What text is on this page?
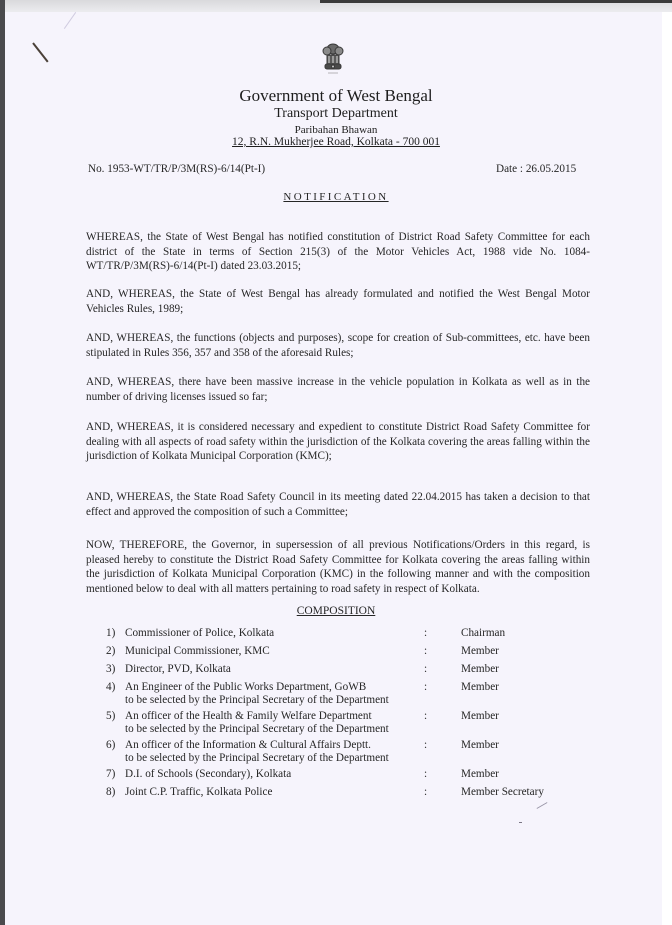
Government of West Bengal
Transport Department
Paribahan Bhawan
12, R.N. Mukherjee Road, Kolkata - 700 001
No. 1953-WT/TR/P/3M(RS)-6/14(Pt-I)	Date : 26.05.2015
NOTIFICATION
WHEREAS, the State of West Bengal has notified constitution of District Road Safety Committee for each district of the State in terms of Section 215(3) of the Motor Vehicles Act, 1988 vide No. 1084-WT/TR/P/3M(RS)-6/14(Pt-I) dated 23.03.2015;
AND, WHEREAS, the State of West Bengal has already formulated and notified the West Bengal Motor Vehicles Rules, 1989;
AND, WHEREAS, the functions (objects and purposes), scope for creation of Sub-committees, etc. have been stipulated in Rules 356, 357 and 358 of the aforesaid Rules;
AND, WHEREAS, there have been massive increase in the vehicle population in Kolkata as well as in the number of driving licenses issued so far;
AND, WHEREAS, it is considered necessary and expedient to constitute District Road Safety Committee for dealing with all aspects of road safety within the jurisdiction of the Kolkata covering the areas falling within the jurisdiction of Kolkata Municipal Corporation (KMC);
AND, WHEREAS, the State Road Safety Council in its meeting dated 22.04.2015 has taken a decision to that effect and approved the composition of such a Committee;
NOW, THEREFORE, the Governor, in supersession of all previous Notifications/Orders in this regard, is pleased hereby to constitute the District Road Safety Committee for Kolkata covering the areas falling within the jurisdiction of Kolkata Municipal Corporation (KMC) in the following manner and with the composition mentioned below to deal with all matters pertaining to road safety in respect of Kolkata.
COMPOSITION
1) Commissioner of Police, Kolkata	:	Chairman
2) Municipal Commissioner, KMC	:	Member
3) Director, PVD, Kolkata	:	Member
4) An Engineer of the Public Works Department, GoWB	:	Member
to be selected by the Principal Secretary of the Department
5) An officer of the Health & Family Welfare Department	:	Member
to be selected by the Principal Secretary of the Department
6) An officer of the Information & Cultural Affairs Deptt.	:	Member
to be selected by the Principal Secretary of the Department
7) D.I. of Schools (Secondary), Kolkata	:	Member
8) Joint C.P. Traffic, Kolkata Police	:	Member Secretary
